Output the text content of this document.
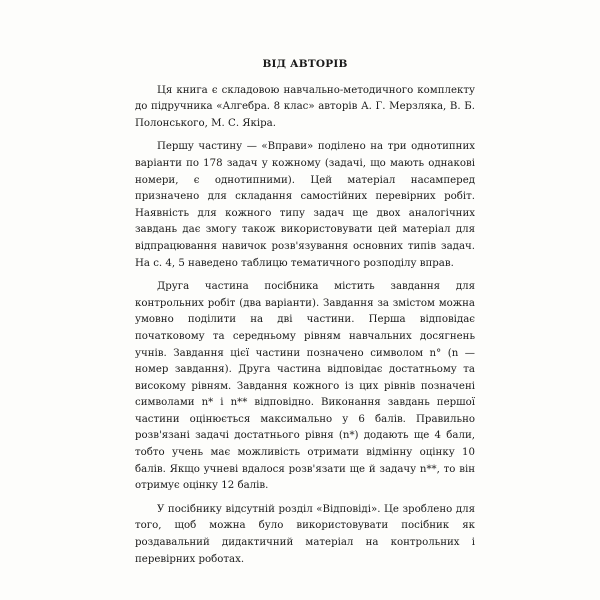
ВІД АВТОРІВ

Ця книга є складовою навчально-методичного комплекту до підручника «Алгебра. 8 клас» авторів А. Г. Мерзляка, В. Б. Полонського, М. С. Якіра.

Першу частину — «Вправи» поділено на три однотипних варіанти по 178 задач у кожному (задачі, що мають однакові номери, є однотипними). Цей матеріал насамперед призначено для складання самостійних перевірних робіт. Наявність для кожного типу задач ще двох аналогічних завдань дає змогу також використовувати цей матеріал для відпрацювання навичок розв'язування основних типів задач. На с. 4, 5 наведено таблицю тематичного розподілу вправ.

Друга частина посібника містить завдання для контрольних робіт (два варіанти). Завдання за змістом можна умовно поділити на дві частини. Перша відповідає початковому та середньому рівням навчальних досягнень учнів. Завдання цієї частини позначено символом n° (n — номер завдання). Друга частина відповідає достатньому та високому рівням. Завдання кожного із цих рівнів позначені символами n* і n** відповідно. Виконання завдань першої частини оцінюється максимально у 6 балів. Правильно розв'язані задачі достатнього рівня (n*) додають ще 4 бали, тобто учень має можливість отримати відмінну оцінку 10 балів. Якщо учневі вдалося розв'язати ще й задачу n**, то він отримує оцінку 12 балів.

У посібнику відсутній розділ «Відповіді». Це зроблено для того, щоб можна було використовувати посібник як роздавальний дидактичний матеріал на контрольних і перевірних роботах.
